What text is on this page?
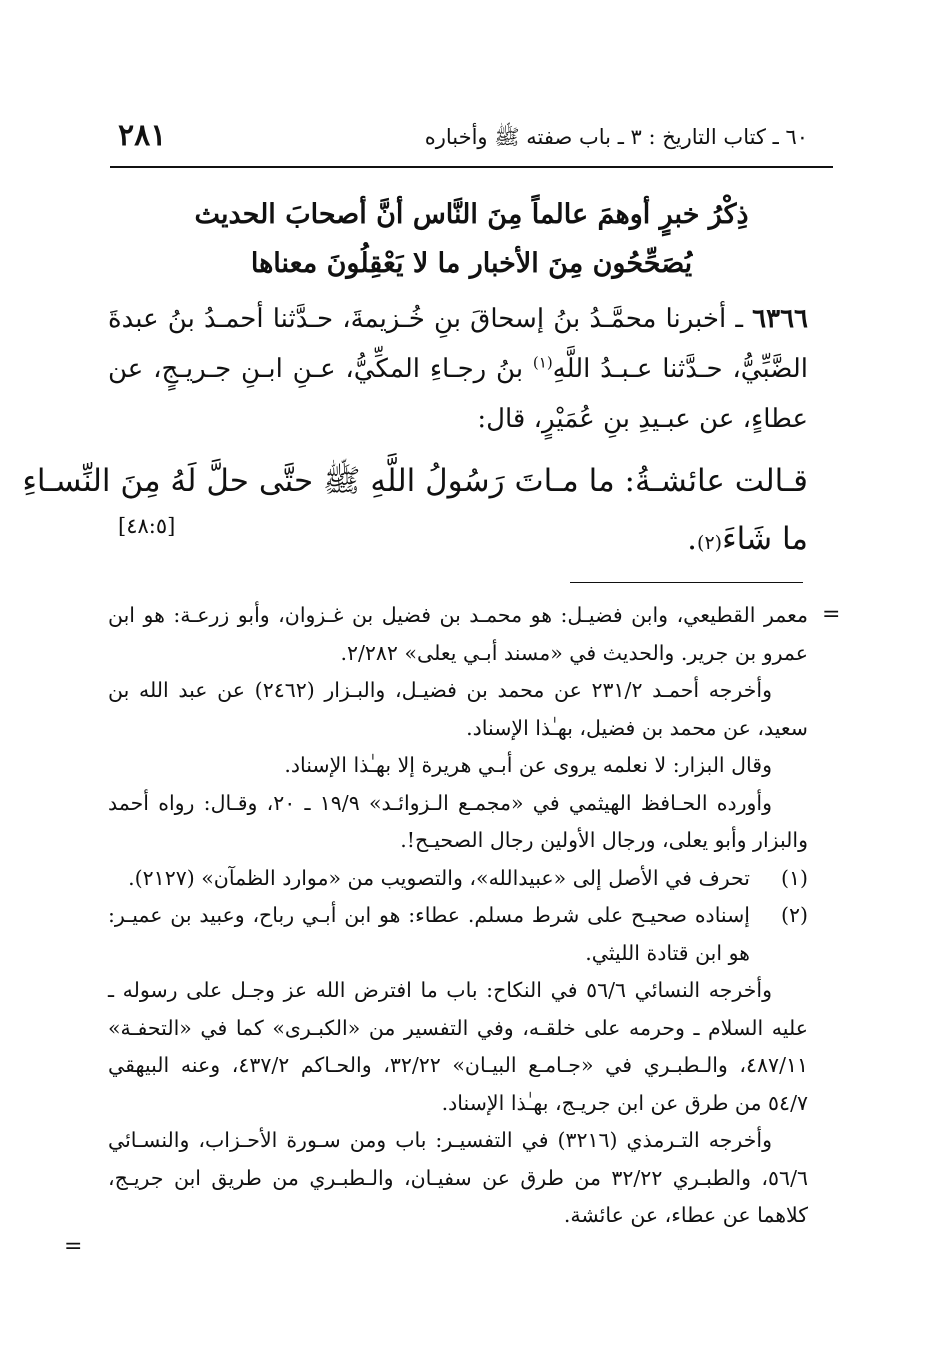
٢٨١	٦٠ ـ كتاب التاريخ : ٣ ـ باب صفته ﷺ وأخباره
ذِكْرُ خبرٍ أوهمَ عالماً مِنَ النَّاس أنَّ أصحابَ الحديث
يُصَحِّحُون مِنَ الأخبار ما لا يَعْقِلُونَ معناها

٦٣٦٦ ـ أخبرنا محمَّـدُ بنُ إسحاقَ بنِ خُـزيمةَ، حـدَّثنا أحمـدُ بنُ عبدةَ الضَّبِّيُّ، حـدَّثنا عـبـدُ اللَّهِ$^{(١)}$ بنُ رجـاءِ المكِّيُّ، عـنِ ابـنِ جـريـجٍ، عن عطاءٍ، عن عبـيدِ بنِ عُمَيْرٍ، قال:

قـالت عائشـةُ: ما مـاتَ رَسُولُ اللَّهِ ﷺ حتَّى حلَّ لَهُ مِنَ النِّسـاءِ
ما شَاءَ(٢).
[٤٨:٥]
=

معمر القطيعي، وابن فضيـل: هو محمـد بن فضيل بن غـزوان، وأبو زرعـة: هو ابن عمرو بن جرير. والحديث في «مسند أبـي يعلى» ٢/٢٨٢.

وأخرجه أحمـد ٢٣١/٢ عن محمد بن فضيـل، والبـزار (٢٤٦٢) عن عبد الله بن سعيد، عن محمد بن فضيل، بهـٰذا الإسناد.

وقال البزار: لا نعلمه يروى عن أبـي هريرة إلا بهـٰذا الإسناد.

وأورده الحـافظ الهيثمي في «مجمـع الـزوائـد» ١٩/٩ ـ ٢٠، وقـال: رواه أحمد والبزار وأبو يعلى، ورجال الأولين رجال الصحيـح!.

(١)
تحرف في الأصل إلى «عبيدالله»، والتصويب من «موارد الظمآن» (٢١٢٧).

(٢)
إسناده صحيـح على شرط مسلم. عطاء: هو ابن أبـي رباح، وعبيد بن عميـر: هو ابن قتادة الليثي.

وأخرجه النسائي ٥٦/٦ في النكاح: باب ما افترض الله عز وجـل على رسوله ـ عليه السلام ـ وحرمه على خلقـه، وفي التفسير من «الكبـرى» كما في «التحفـة» ٤٨٧/١١، والـطبـري في «جـامـع البيـان» ٣٢/٢٢، والحـاكم ٤٣٧/٢، وعنه البيهقي ٥٤/٧ من طرق عن ابن جريـج، بهـٰذا الإسناد.

وأخرجه التـرمذي (٣٢١٦) في التفسيـر: باب ومن سـورة الأحـزاب، والنسـائي ٥٦/٦، والطبـري ٣٢/٢٢ من طرق عن سفيـان، والـطبـري من طريق ابن جريـج، كلاهما عن عطاء، عن عائشة.

=
